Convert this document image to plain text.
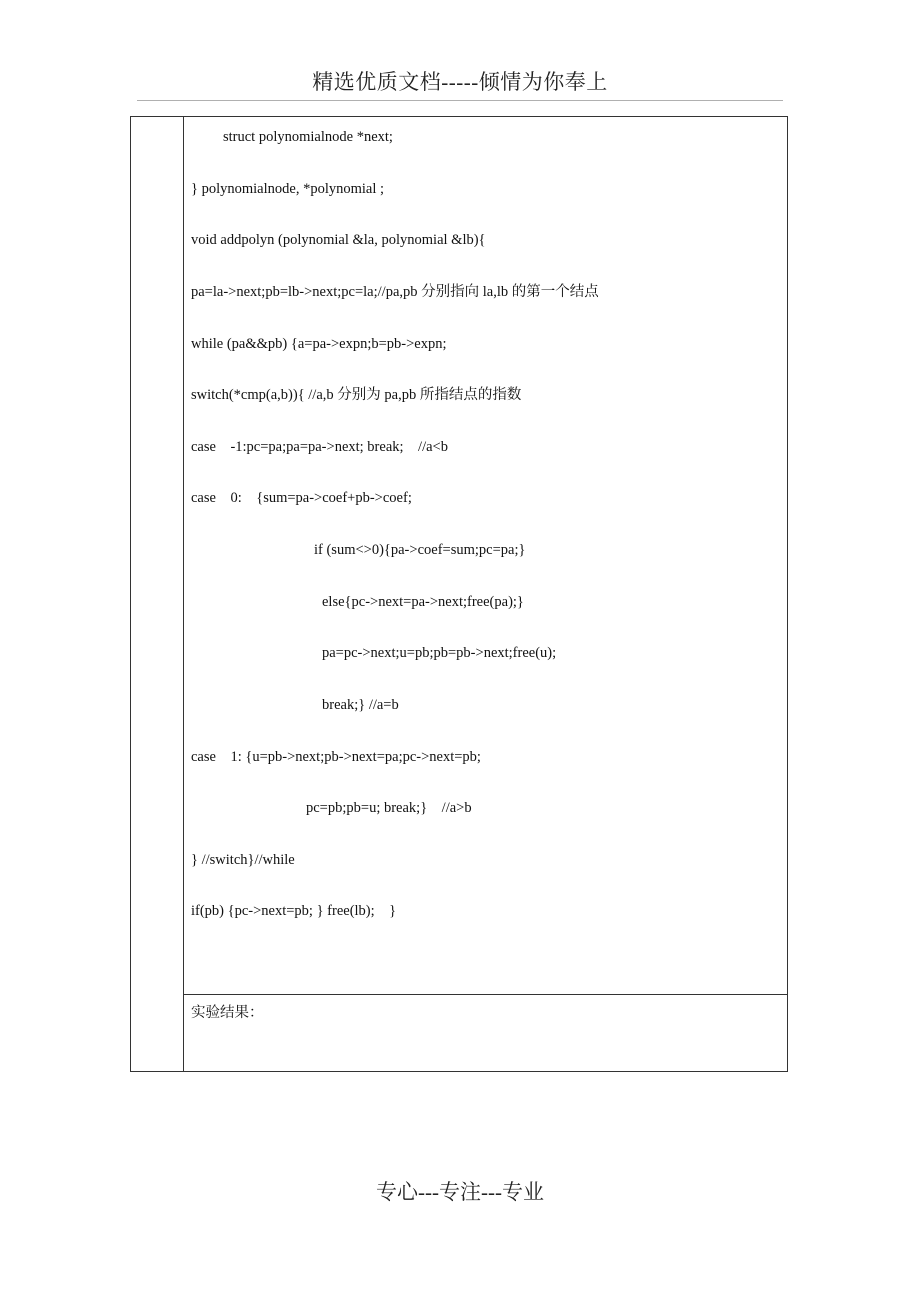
精选优质文档-----倾情为你奉上
struct polynomialnode *next;
} polynomialnode, *polynomial ;
void addpolyn (polynomial &la, polynomial &lb){
pa=la->next;pb=lb->next;pc=la;//pa,pb 分别指向 la,lb 的第一个结点
while (pa&&pb) {a=pa->expn;b=pb->expn;
switch(*cmp(a,b)){ //a,b 分别为 pa,pb 所指结点的指数
case    -1:pc=pa;pa=pa->next; break;    //a<b
case    0:    {sum=pa->coef+pb->coef;
if (sum<>0){pa->coef=sum;pc=pa;}
else{pc->next=pa->next;free(pa);}
pa=pc->next;u=pb;pb=pb->next;free(u);
break;} //a=b
case    1: {u=pb->next;pb->next=pa;pc->next=pb;
pc=pb;pb=u; break;}    //a>b
} //switch}//while
if(pb) {pc->next=pb; } free(lb);    }
实验结果：
专心---专注---专业
